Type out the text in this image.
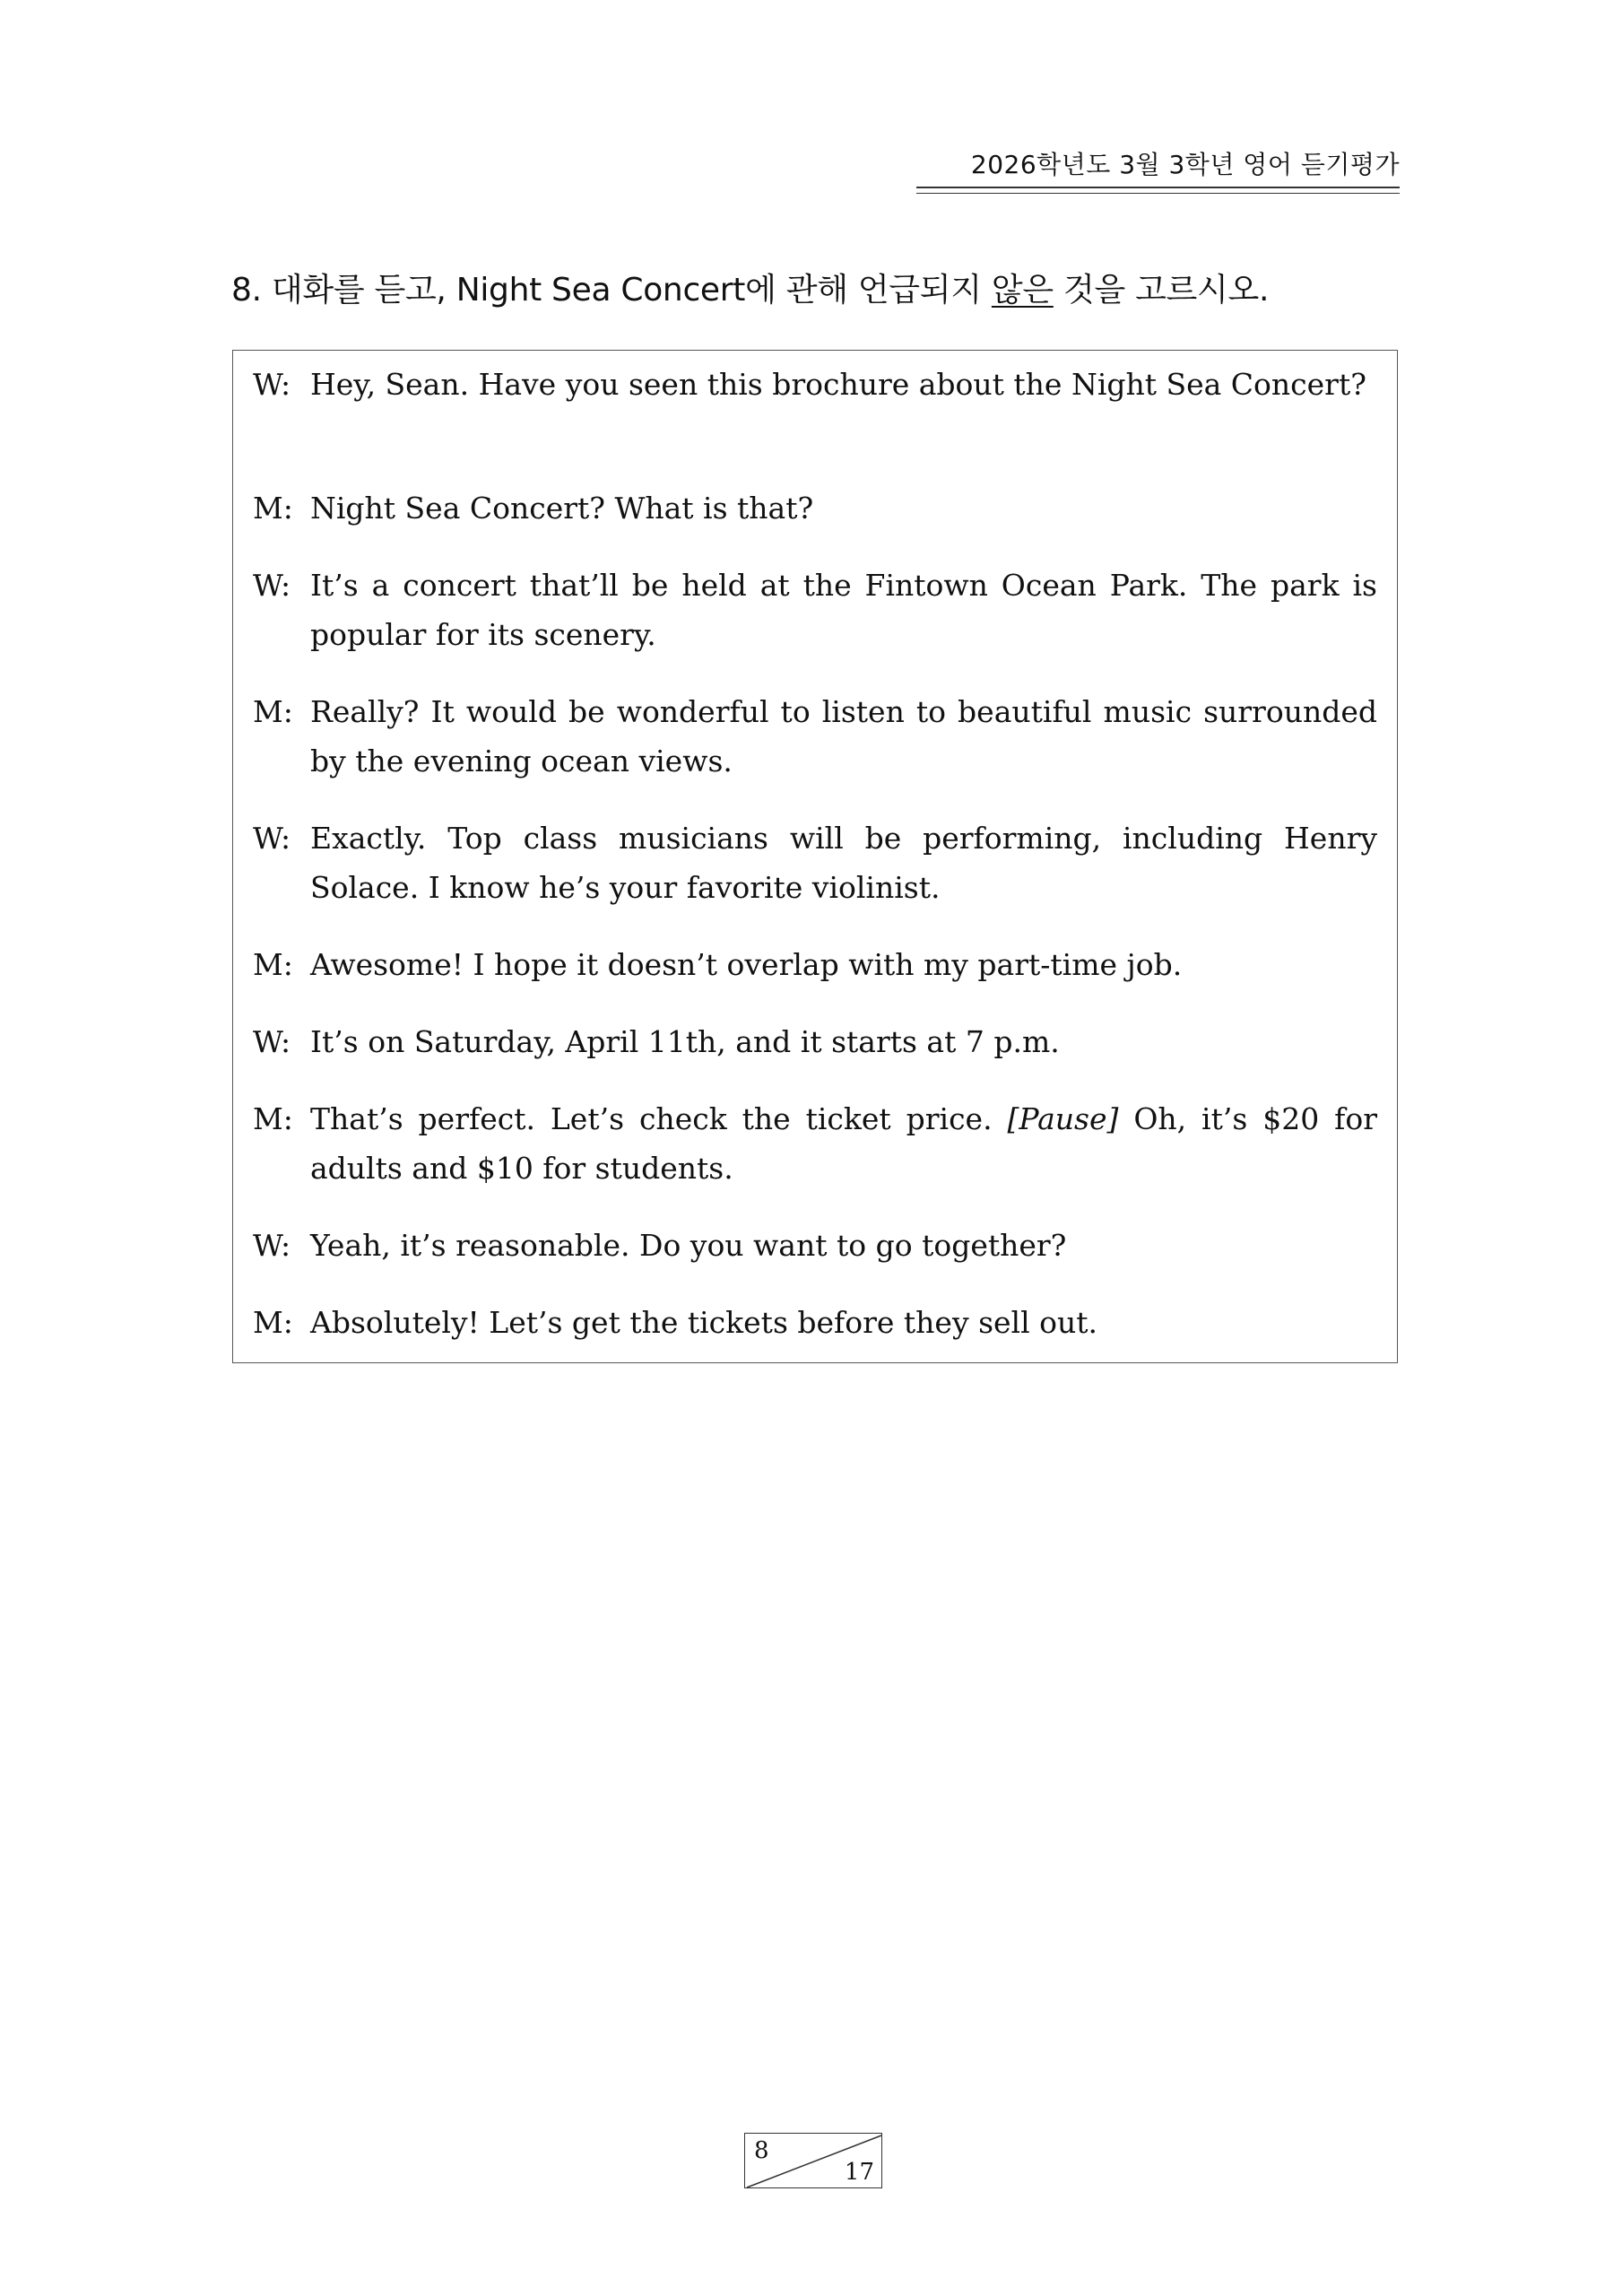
2026학년도 3월 3학년 영어 듣기평가
8. 대화를 듣고, Night Sea Concert에 관해 언급되지 않은 것을 고르시오.
W: Hey, Sean. Have you seen this brochure about the Night Sea Concert?
M: Night Sea Concert? What is that?
W: It’s a concert that’ll be held at the Fintown Ocean Park. The park is popular for its scenery.
M: Really? It would be wonderful to listen to beautiful music surrounded by the evening ocean views.
W: Exactly. Top class musicians will be performing, including Henry Solace. I know he’s your favorite violinist.
M: Awesome! I hope it doesn’t overlap with my part-time job.
W: It’s on Saturday, April 11th, and it starts at 7 p.m.
M: That’s perfect. Let’s check the ticket price. [Pause] Oh, it’s $20 for adults and $10 for students.
W: Yeah, it’s reasonable. Do you want to go together?
M: Absolutely! Let’s get the tickets before they sell out.
8
17
